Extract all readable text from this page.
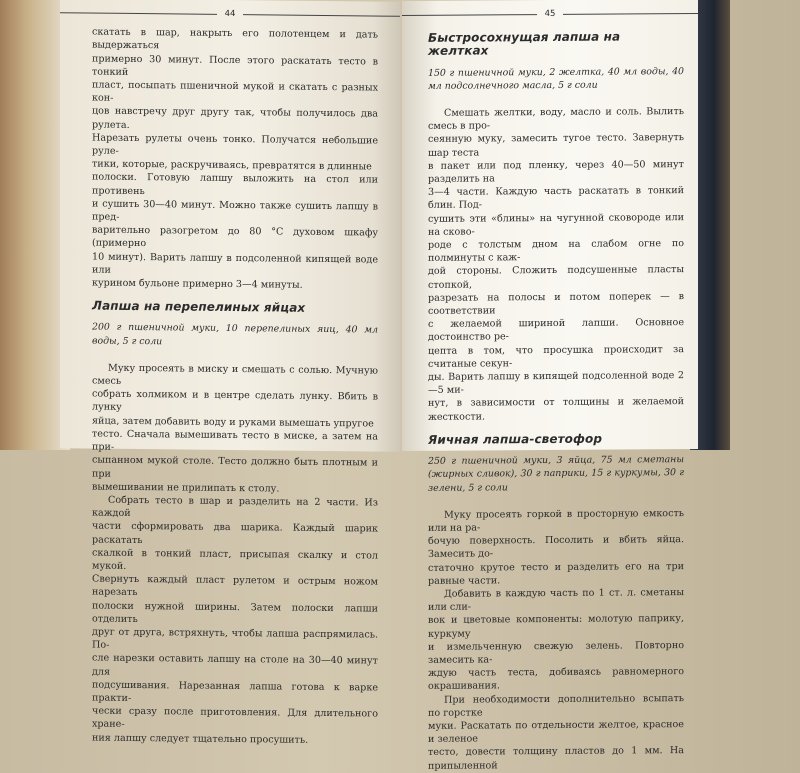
44

скатать в шар, накрыть его полотенцем и дать выдержаться

примерно 30 минут. После этого раскатать тесто в тонкий

пласт, посыпать пшеничной мукой и скатать с разных кон-

цов навстречу друг другу так, чтобы получилось два рулета.

Нарезать рулеты очень тонко. Получатся небольшие руле-

тики, которые, раскручиваясь, превратятся в длинные

полоски. Готовую лапшу выложить на стол или противень

и сушить 30—40 минут. Можно также сушить лапшу в пред-

варительно разогретом до 80 °С духовом шкафу (примерно

10 минут). Варить лапшу в подсоленной кипящей воде или

курином бульоне примерно 3—4 минуты.

Лапша на перепелиных яйцах

200 г пшеничной муки, 10 перепелиных яиц, 40 мл воды, 5 г соли

Муку просеять в миску и смешать с солью. Мучную смесь

собрать холмиком и в центре сделать лунку. Вбить в лунку

яйца, затем добавить воду и руками вымешать упругое

тесто. Сначала вымешивать тесто в миске, а затем на при-

сыпанном мукой столе. Тесто должно быть плотным и при

вымешивании не прилипать к столу.

Собрать тесто в шар и разделить на 2 части. Из каждой

части сформировать два шарика. Каждый шарик раскатать

скалкой в тонкий пласт, присыпая скалку и стол мукой.

Свернуть каждый пласт рулетом и острым ножом нарезать

полоски нужной ширины. Затем полоски лапши отделить

друг от друга, встряхнуть, чтобы лапша распрямилась. По-

сле нарезки оставить лапшу на столе на 30—40 минут для

подсушивания. Нарезанная лапша готова к варке практи-

чески сразу после приготовления. Для длительного хране-

ния лапшу следует тщательно просушить.

45
Быстросохнущая лапша на желтках

150 г пшеничной муки, 2 желтка, 40 мл воды, 40 мл подсолнечного масла, 5 г соли

Смешать желтки, воду, масло и соль. Вылить смесь в про-

сеянную муку, замесить тугое тесто. Завернуть шар теста

в пакет или под пленку, через 40—50 минут разделить на

3—4 части. Каждую часть раскатать в тонкий блин. Под-

сушить эти «блины» на чугунной сковороде или на сково-

роде с толстым дном на слабом огне по полминуты с каж-

дой стороны. Сложить подсушенные пласты стопкой,

разрезать на полосы и потом поперек — в соответствии

с желаемой шириной лапши. Основное достоинство ре-

цепта в том, что просушка происходит за считаные секун-

ды. Варить лапшу в кипящей подсоленной воде 2—5 ми-

нут, в зависимости от толщины и желаемой жесткости.

Яичная лапша-светофор

250 г пшеничной муки, 3 яйца, 75 мл сметаны (жирных сливок), 30 г паприки, 15 г куркумы, 30 г зелени, 5 г соли

Муку просеять горкой в просторную емкость или на ра-

бочую поверхность. Посолить и вбить яйца. Замесить до-

статочно крутое тесто и разделить его на три равные части.

Добавить в каждую часть по 1 ст. л. сметаны или сли-

вок и цветовые компоненты: молотую паприку, куркуму

и измельченную свежую зелень. Повторно замесить ка-

ждую часть теста, добиваясь равномерного окрашивания.

При необходимости дополнительно всыпать по горстке

муки. Раскатать по отдельности желтое, красное и зеленое

тесто, довести толщину пластов до 1 мм. На припыленной
